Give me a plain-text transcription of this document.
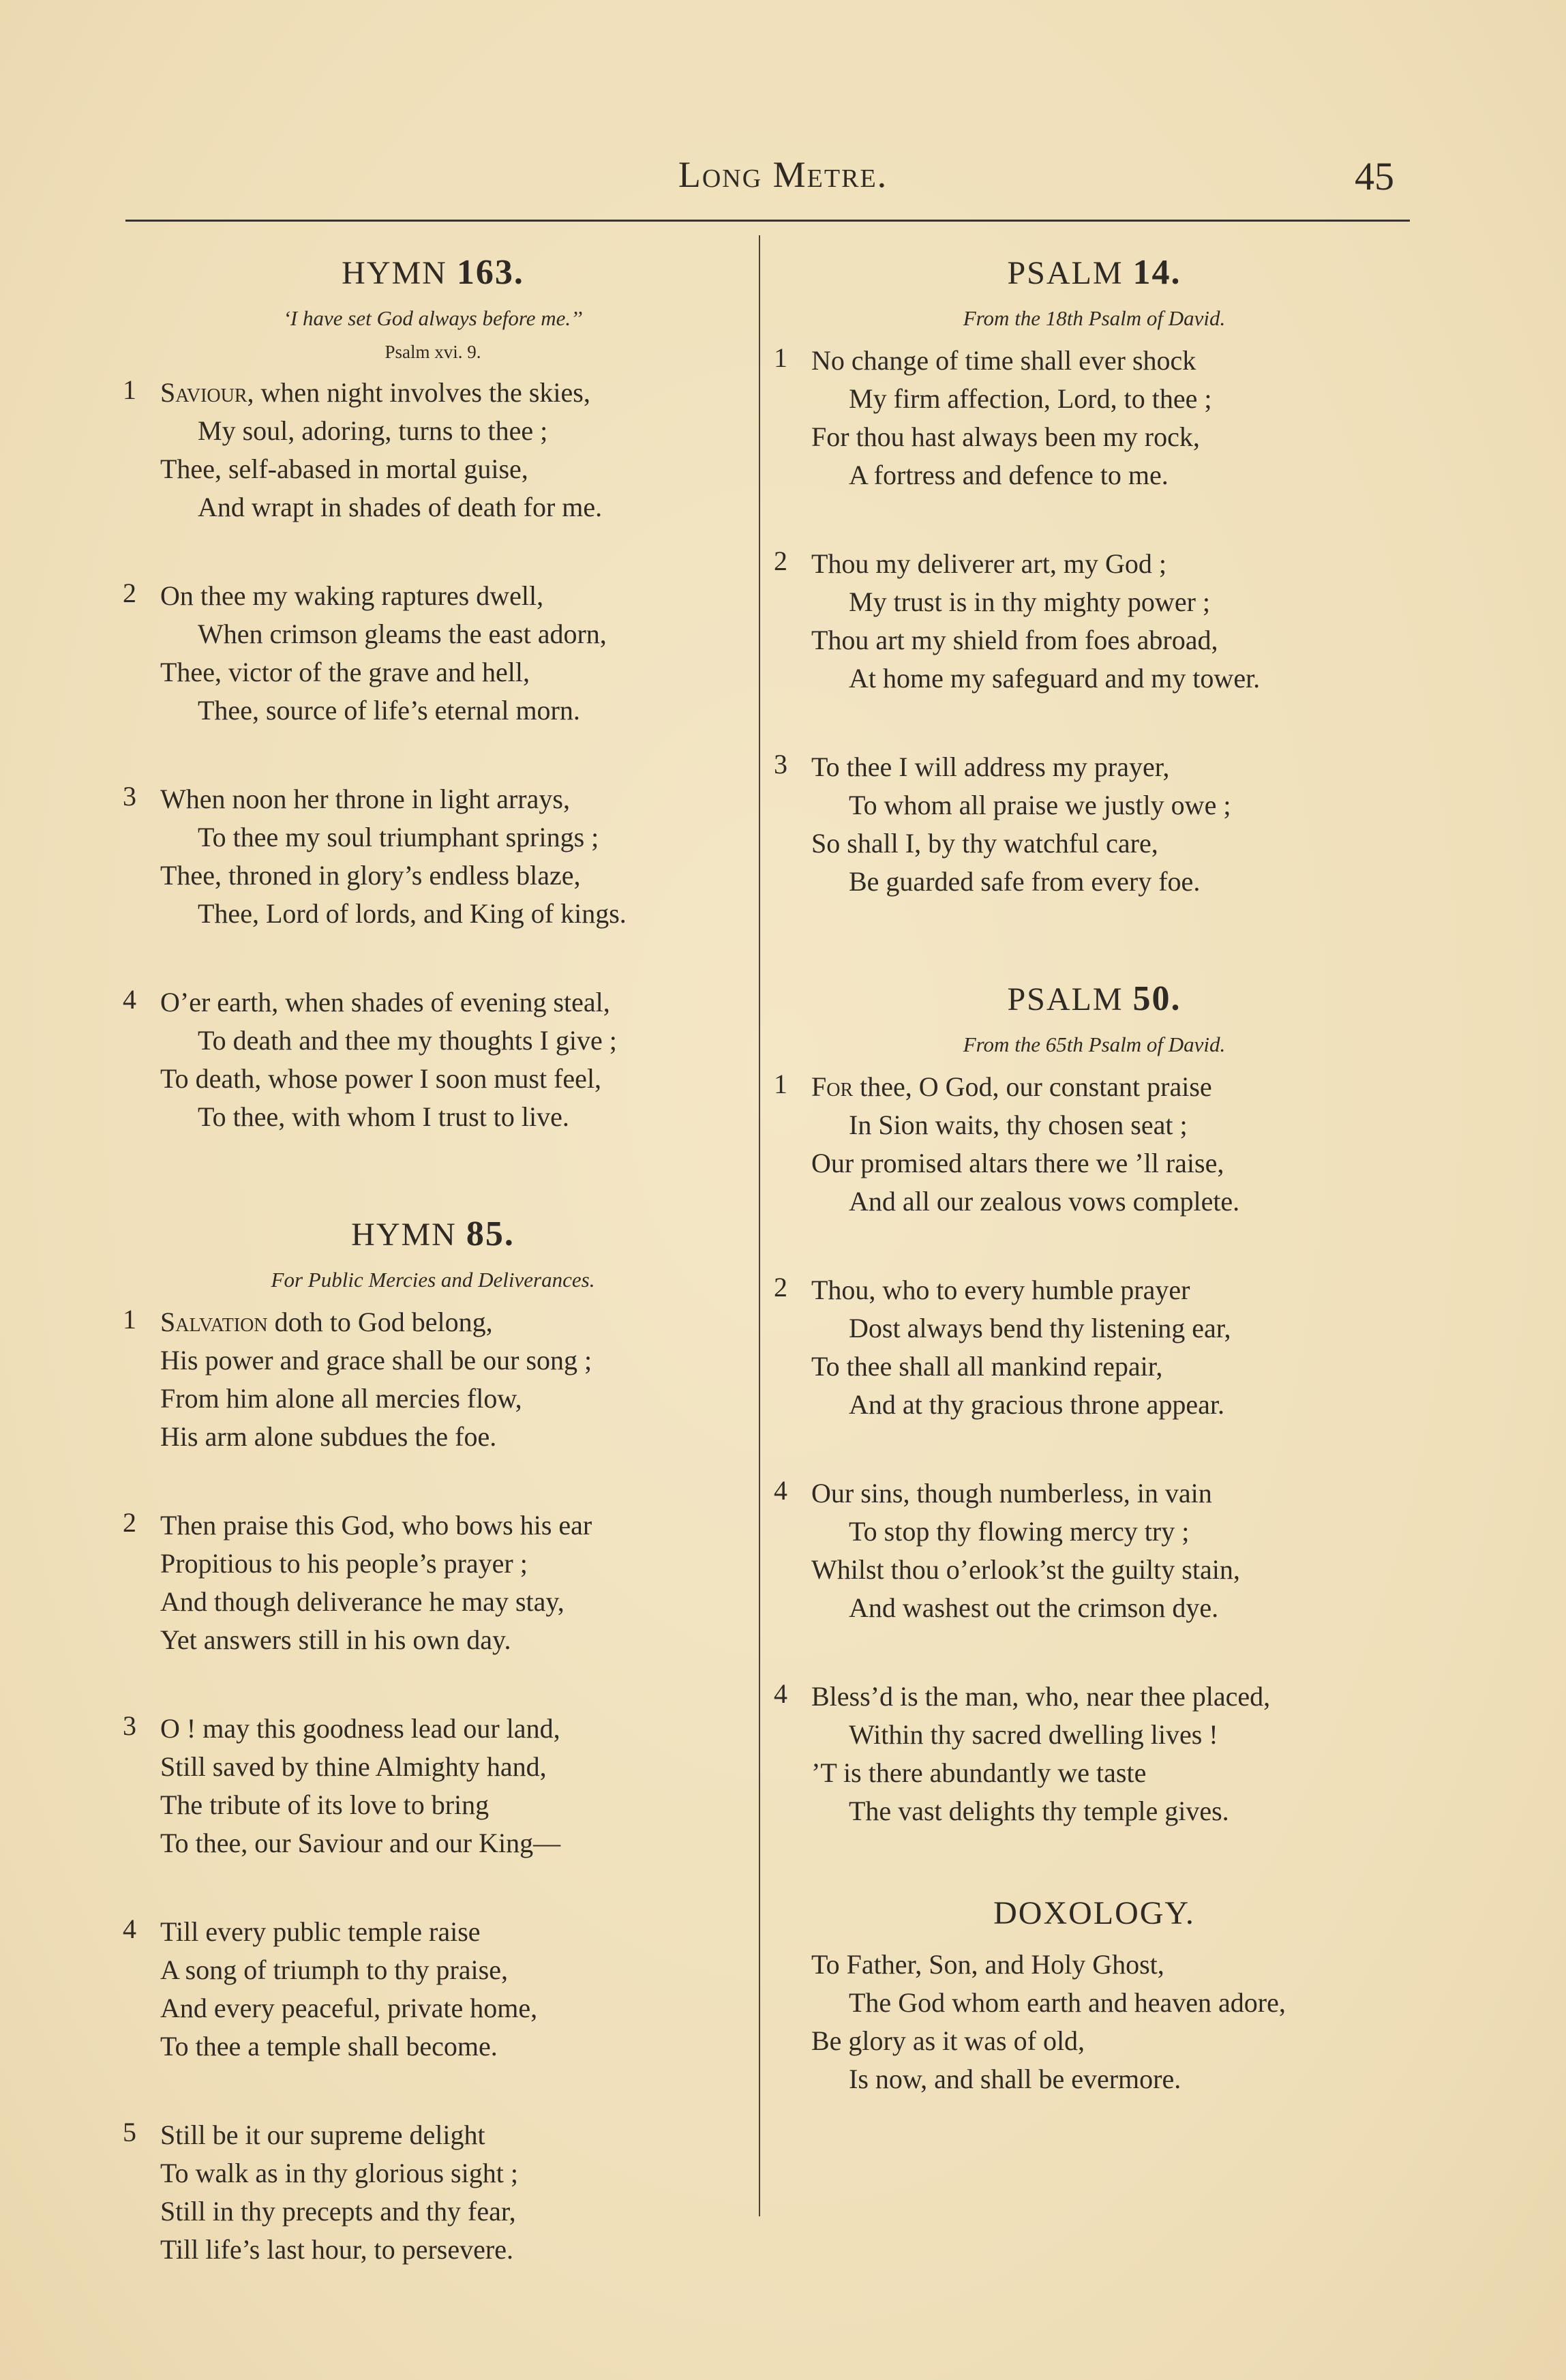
Long Metre.	45
HYMN 163.
‘I have set God always before me.’’
Psalm xvi. 9.
1 Saviour, when night involves the skies,
My soul, adoring, turns to thee ;
Thee, self-abased in mortal guise,
And wrapt in shades of death for me.
2 On thee my waking raptures dwell,
When crimson gleams the east adorn,
Thee, victor of the grave and hell,
Thee, source of life’s eternal morn.
3 When noon her throne in light arrays,
To thee my soul triumphant springs ;
Thee, throned in glory’s endless blaze,
Thee, Lord of lords, and King of kings.
4 O’er earth, when shades of evening steal,
To death and thee my thoughts I give ;
To death, whose power I soon must feel,
To thee, with whom I trust to live.
HYMN 85.
For Public Mercies and Deliverances.
1 Salvation doth to God belong,
His power and grace shall be our song ;
From him alone all mercies flow,
His arm alone subdues the foe.
2 Then praise this God, who bows his ear
Propitious to his people’s prayer ;
And though deliverance he may stay,
Yet answers still in his own day.
3 O ! may this goodness lead our land,
Still saved by thine Almighty hand,
The tribute of its love to bring
To thee, our Saviour and our King—
4 Till every public temple raise
A song of triumph to thy praise,
And every peaceful, private home,
To thee a temple shall become.
5 Still be it our supreme delight
To walk as in thy glorious sight ;
Still in thy precepts and thy fear,
Till life’s last hour, to persevere.
PSALM 14.
From the 18th Psalm of David.
1 No change of time shall ever shock
My firm affection, Lord, to thee ;
For thou hast always been my rock,
A fortress and defence to me.
2 Thou my deliverer art, my God ;
My trust is in thy mighty power ;
Thou art my shield from foes abroad,
At home my safeguard and my tower.
3 To thee I will address my prayer,
To whom all praise we justly owe ;
So shall I, by thy watchful care,
Be guarded safe from every foe.
PSALM 50.
From the 65th Psalm of David.
1 For thee, O God, our constant praise
In Sion waits, thy chosen seat ;
Our promised altars there we ’ll raise,
And all our zealous vows complete.
2 Thou, who to every humble prayer
Dost always bend thy listening ear,
To thee shall all mankind repair,
And at thy gracious throne appear.
4 Our sins, though numberless, in vain
To stop thy flowing mercy try ;
Whilst thou o’erlook’st the guilty stain,
And washest out the crimson dye.
4 Bless’d is the man, who, near thee placed,
Within thy sacred dwelling lives !
’T is there abundantly we taste
The vast delights thy temple gives.
DOXOLOGY.
To Father, Son, and Holy Ghost,
The God whom earth and heaven adore,
Be glory as it was of old,
Is now, and shall be evermore.
